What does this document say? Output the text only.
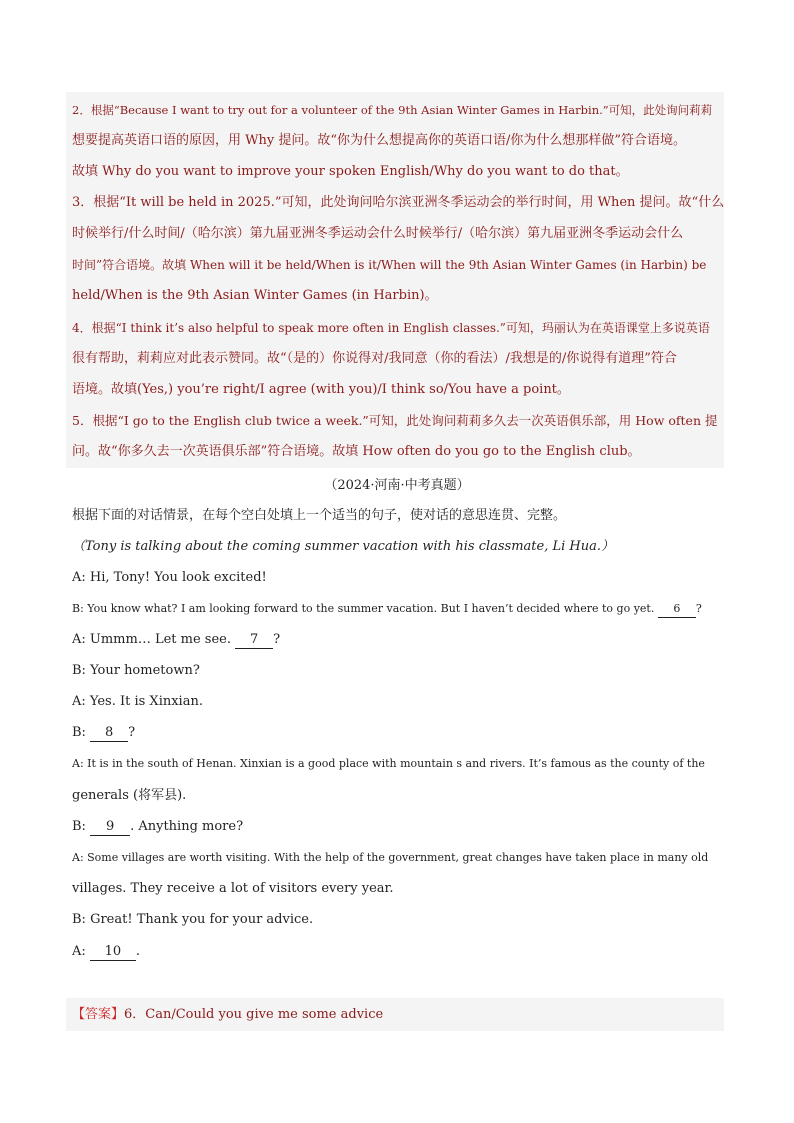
2．根据“Because I want to try out for a volunteer of the 9th Asian Winter Games in Harbin.”可知，此处询问莉莉
想要提高英语口语的原因，用 Why 提问。故“你为什么想提高你的英语口语/你为什么想那样做”符合语境。
故填 Why do you want to improve your spoken English/Why do you want to do that。
3．根据“It will be held in 2025.”可知，此处询问哈尔滨亚洲冬季运动会的举行时间，用 When 提问。故“什么
时候举行/什么时间/（哈尔滨）第九届亚洲冬季运动会什么时候举行/（哈尔滨）第九届亚洲冬季运动会什么
时间”符合语境。故填 When will it be held/When is it/When will the 9th Asian Winter Games (in Harbin) be
held/When is the 9th Asian Winter Games (in Harbin)。
4．根据“I think it’s also helpful to speak more often in English classes.”可知，玛丽认为在英语课堂上多说英语
很有帮助，莉莉应对此表示赞同。故“（是的）你说得对/我同意（你的看法）/我想是的/你说得有道理”符合
语境。故填(Yes,) you’re right/I agree (with you)/I think so/You have a point。
5．根据“I go to the English club twice a week.”可知，此处询问莉莉多久去一次英语俱乐部，用 How often 提
问。故“你多久去一次英语俱乐部”符合语境。故填 How often do you go to the English club。
（2024·河南·中考真题）
根据下面的对话情景，在每个空白处填上一个适当的句子，使对话的意思连贯、完整。
（Tony is talking about the coming summer vacation with his classmate, Li Hua.）
A: Hi, Tony! You look excited!
B: You know what? I am looking forward to the summer vacation. But I haven’t decided where to go yet. 6 ?
A: Ummm… Let me see. 7 ?
B: Your hometown?
A: Yes. It is Xinxian.
B: 8 ?
A: It is in the south of Henan. Xinxian is a good place with mountain s and rivers. It’s famous as the county of the
generals (将军县).
B: 9 . Anything more?
A: Some villages are worth visiting. With the help of the government, great changes have taken place in many old
villages. They receive a lot of visitors every year.
B: Great! Thank you for your advice.
A: 10 .
【答案】6．Can/Could you give me some advice
